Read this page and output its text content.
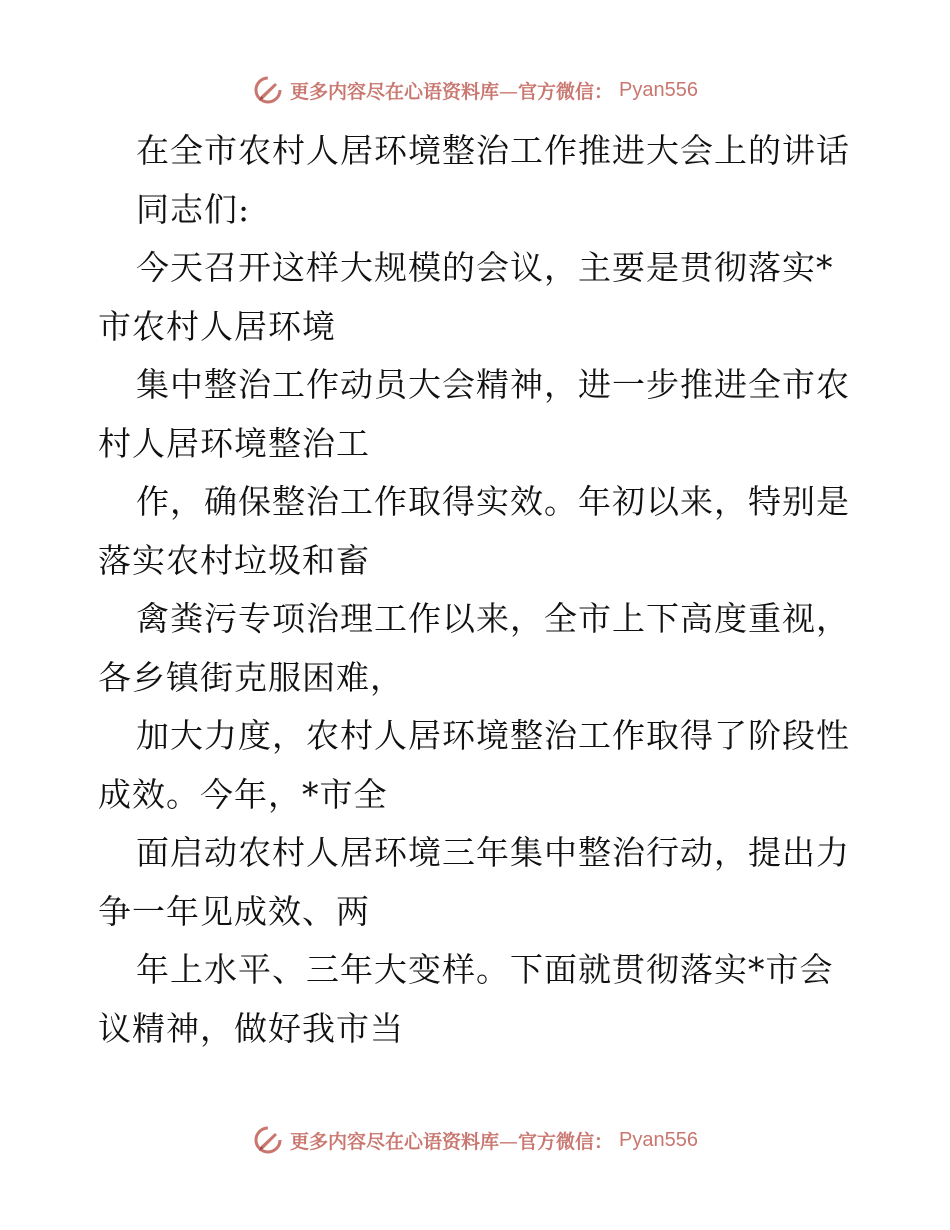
更多内容尽在心语资料库—官方微信： Pyan556
在全市农村人居环境整治工作推进大会上的讲话
同志们:
今天召开这样大规模的会议，主要是贯彻落实*
市农村人居环境
集中整治工作动员大会精神，进一步推进全市农
村人居环境整治工
作，确保整治工作取得实效。年初以来，特别是
落实农村垃圾和畜
禽粪污专项治理工作以来，全市上下高度重视，
各乡镇街克服困难，
加大力度，农村人居环境整治工作取得了阶段性
成效。今年，*市全
面启动农村人居环境三年集中整治行动，提出力
争一年见成效、两
年上水平、三年大变样。下面就贯彻落实*市会
议精神，做好我市当
更多内容尽在心语资料库—官方微信： Pyan556
